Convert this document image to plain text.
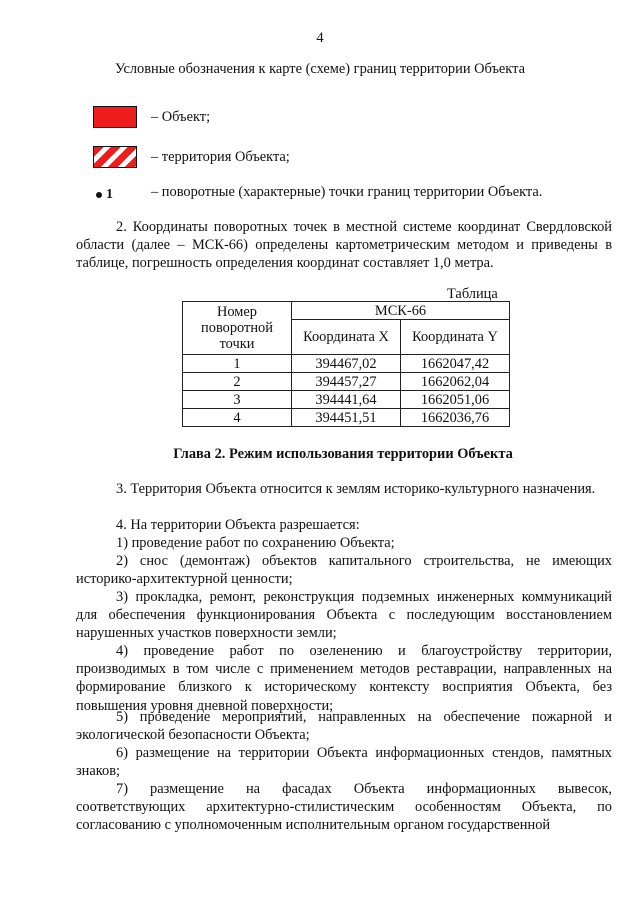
4
Условные обозначения к карте (схеме) границ территории Объекта
– Объект;
– территория Объекта;
1	– поворотные (характерные) точки границ территории Объекта.
2. Координаты поворотных точек в местной системе координат Свердловской области (далее – МСК-66) определены картометрическим методом и приведены в таблице, погрешность определения координат составляет 1,0 метра.
Таблица
Номер поворотной точки	МСК-66	
	Координата X	Координата Y
1	394467,02	1662047,42
2	394457,27	1662062,04
3	394441,64	1662051,06
4	394451,51	1662036,76
Глава 2. Режим использования территории Объекта
3. Территория Объекта относится к землям историко-культурного назначения.
4. На территории Объекта разрешается:
1) проведение работ по сохранению Объекта;
2) снос (демонтаж) объектов капитального строительства, не имеющих историко-архитектурной ценности;
3) прокладка, ремонт, реконструкция подземных инженерных коммуникаций для обеспечения функционирования Объекта с последующим восстановлением нарушенных участков поверхности земли;
4) проведение работ по озеленению и благоустройству территории, производимых в том числе с применением методов реставрации, направленных на формирование близкого к историческому контексту восприятия Объекта, без повышения уровня дневной поверхности;
5) проведение мероприятий, направленных на обеспечение пожарной и экологической безопасности Объекта;
6) размещение на территории Объекта информационных стендов, памятных знаков;
7) размещение на фасадах Объекта информационных вывесок, соответствующих архитектурно-стилистическим особенностям Объекта, по согласованию с уполномоченным исполнительным органом государственной
